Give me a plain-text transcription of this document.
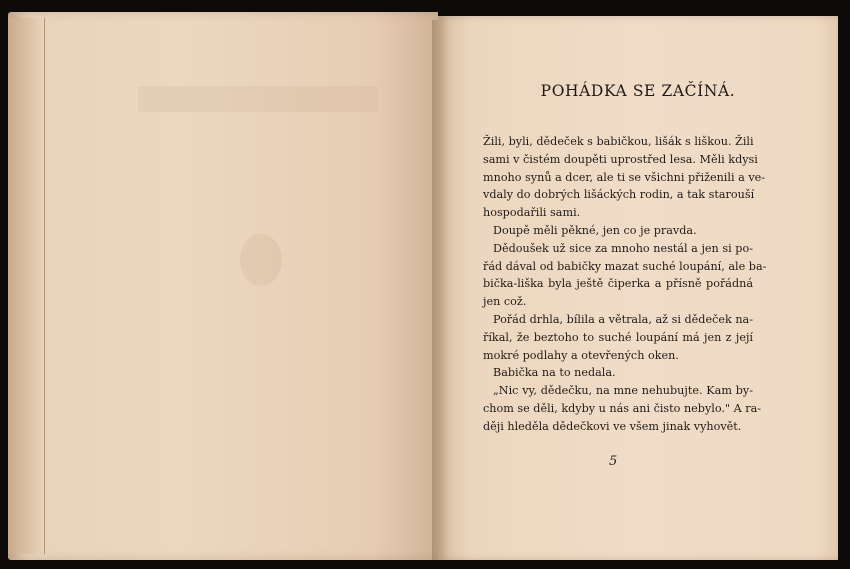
POHÁDKA SE ZAČÍNÁ.
Žili, byli, dědeček s babičkou, lišák s liškou. Žili
sami v čistém doupěti uprostřed lesa. Měli kdysi
mnoho synů a dcer, ale ti se všichni přiženili a ve-
vdaly do dobrých lišáckých rodin, a tak starouší
hospodařili sami.
Doupě měli pěkné, jen co je pravda.
Dědoušek už sice za mnoho nestál a jen si po-
řád dával od babičky mazat suché loupání, ale ba-
bička-liška byla ještě čiperka a přísně pořádná
jen což.
Pořád drhla, bílila a větrala, až si dědeček na-
říkal, že beztoho to suché loupání má jen z její
mokré podlahy a otevřených oken.
Babička na to nedala.
„Nic vy, dědečku, na mne nehubujte. Kam by-
chom se děli, kdyby u nás ani čisto nebylo." A ra-
ději hleděla dědečkovi ve všem jinak vyhovět.
5
